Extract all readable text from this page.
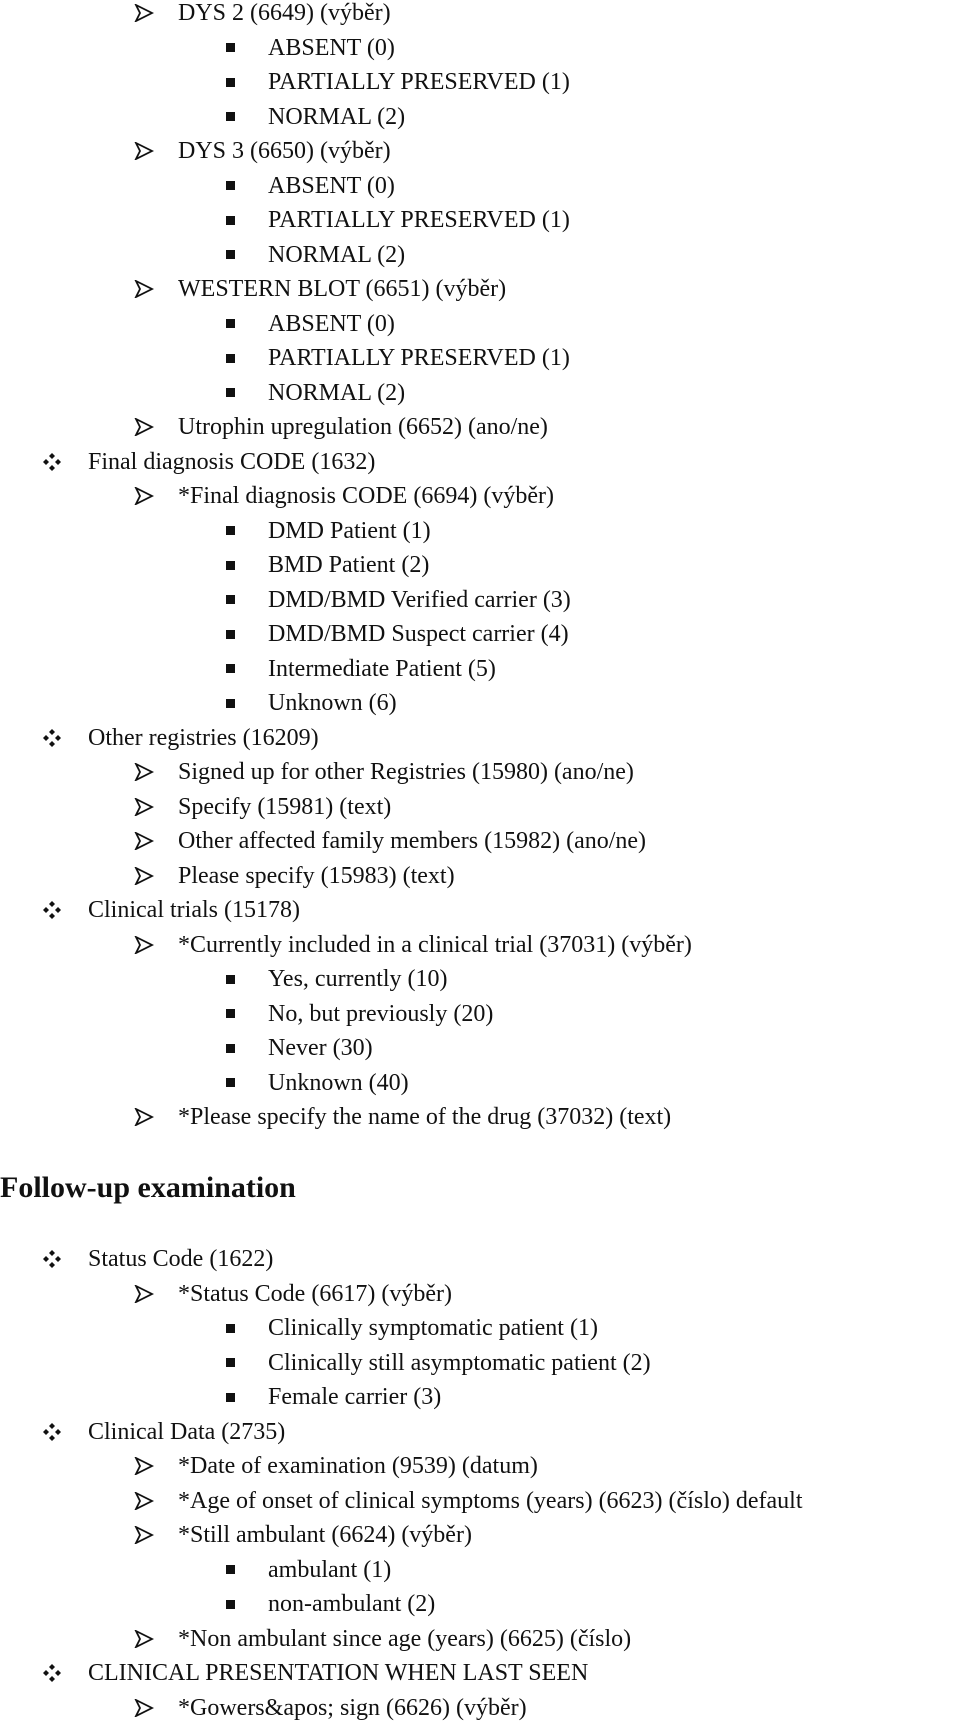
DYS 2 (6649) (výběr)
ABSENT (0)
PARTIALLY PRESERVED (1)
NORMAL (2)
DYS 3 (6650) (výběr)
ABSENT (0)
PARTIALLY PRESERVED (1)
NORMAL (2)
WESTERN BLOT (6651) (výběr)
ABSENT (0)
PARTIALLY PRESERVED (1)
NORMAL (2)
Utrophin upregulation (6652) (ano/ne)
Final diagnosis CODE (1632)
*Final diagnosis CODE (6694) (výběr)
DMD Patient (1)
BMD Patient (2)
DMD/BMD Verified carrier (3)
DMD/BMD Suspect carrier (4)
Intermediate Patient (5)
Unknown (6)
Other registries (16209)
Signed up for other Registries (15980) (ano/ne)
Specify (15981) (text)
Other affected family members (15982) (ano/ne)
Please specify (15983) (text)
Clinical trials (15178)
*Currently included in a clinical trial (37031) (výběr)
Yes, currently (10)
No, but previously (20)
Never (30)
Unknown (40)
*Please specify the name of the drug (37032) (text)
Follow-up examination
Status Code (1622)
*Status Code (6617) (výběr)
Clinically symptomatic patient (1)
Clinically still asymptomatic patient (2)
Female carrier (3)
Clinical Data (2735)
*Date of examination (9539) (datum)
*Age of onset of clinical symptoms (years) (6623) (číslo) default
*Still ambulant (6624) (výběr)
ambulant (1)
non-ambulant (2)
*Non ambulant since age (years) (6625) (číslo)
CLINICAL PRESENTATION WHEN LAST SEEN
*Gowers&apos; sign (6626) (výběr)
